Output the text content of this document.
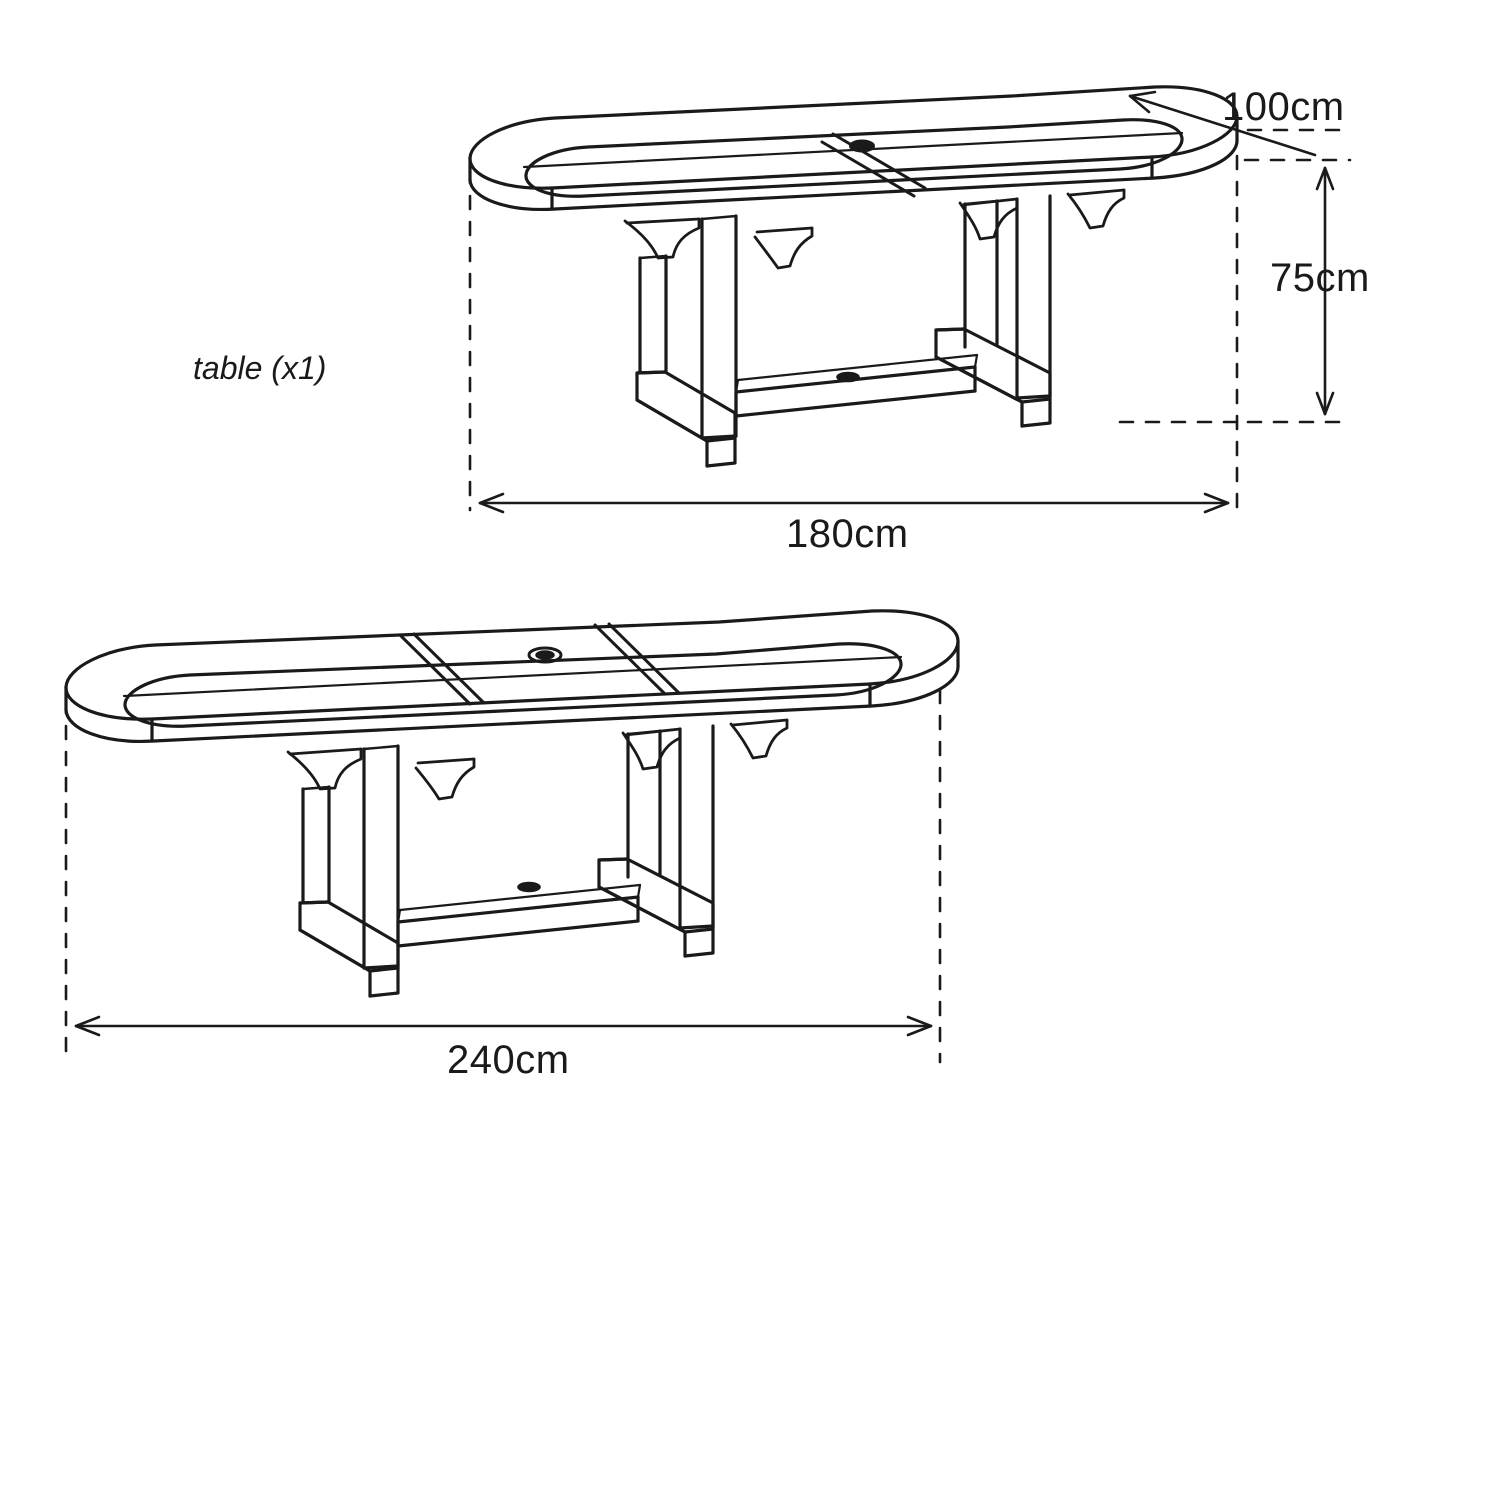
100cm
75cm
180cm
240cm
table (x1)
